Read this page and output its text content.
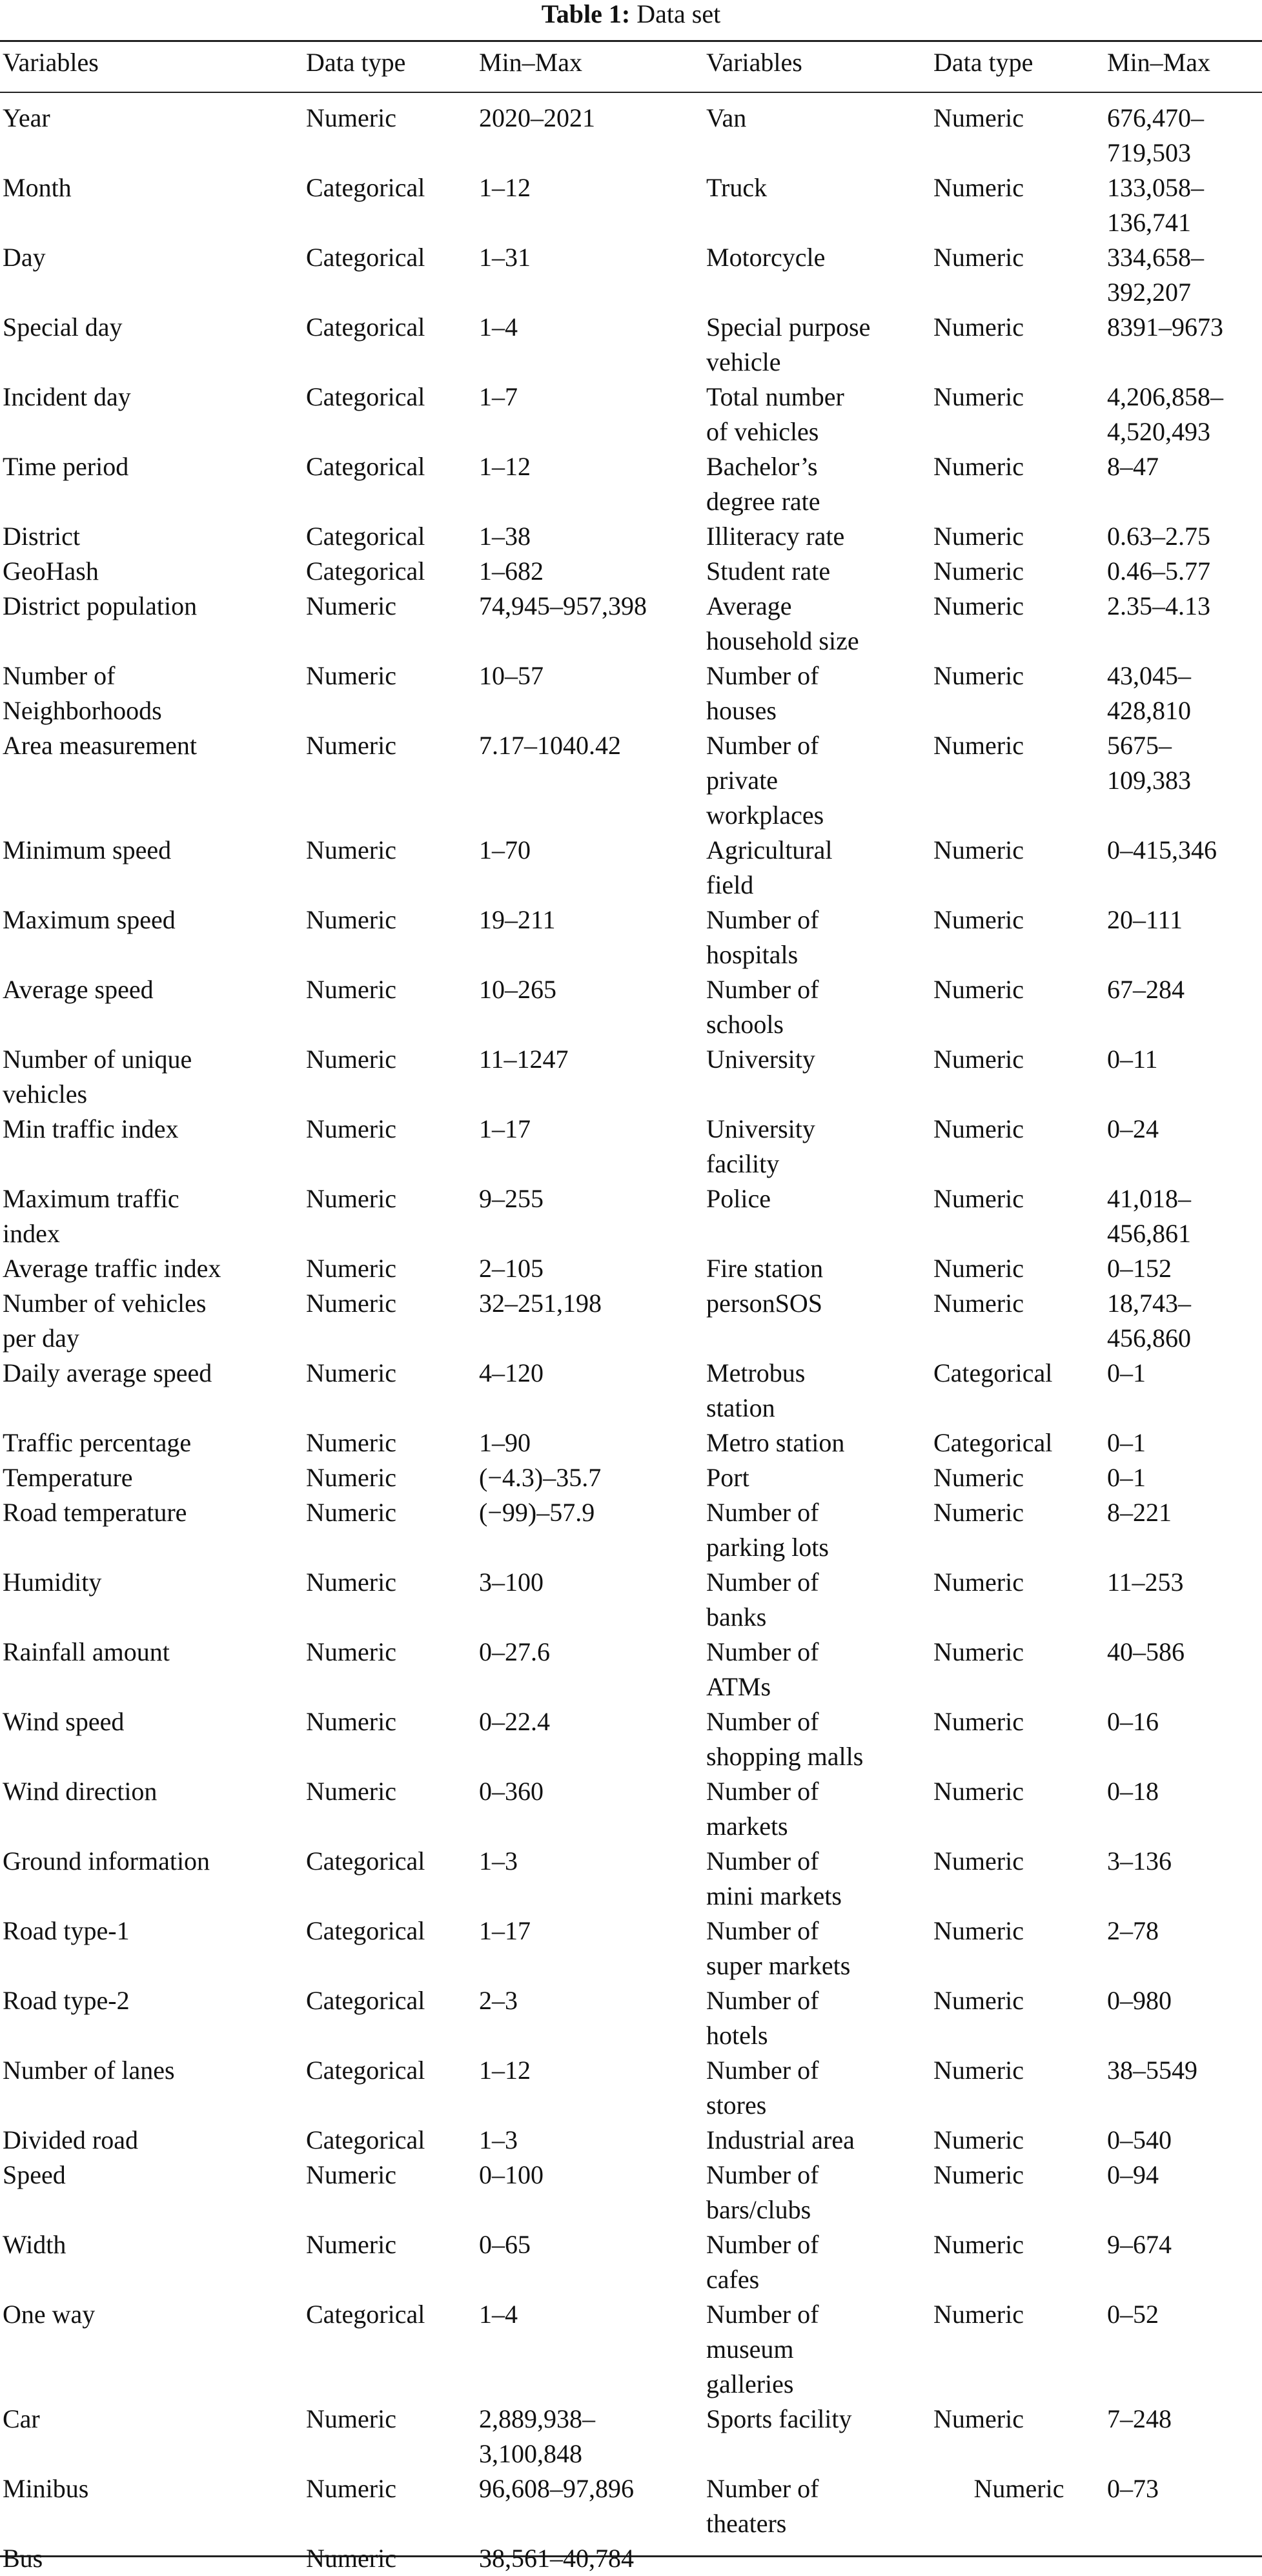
Table 1: Data set
Variables	Data type	Min–Max	Variables	Data type	Min–Max
Year	Numeric	2020–2021	Van	Numeric	676,470–
719,503
Month	Categorical	1–12	Truck	Numeric	133,058–
136,741
Day	Categorical	1–31	Motorcycle	Numeric	334,658–
392,207
Special day	Categorical	1–4	Special purpose
vehicle	Numeric	8391–9673
Incident day	Categorical	1–7	Total number
of vehicles	Numeric	4,206,858–
4,520,493
Time period	Categorical	1–12	Bachelor’s
degree rate	Numeric	8–47
District	Categorical	1–38	Illiteracy rate	Numeric	0.63–2.75
GeoHash	Categorical	1–682	Student rate	Numeric	0.46–5.77
District population	Numeric	74,945–957,398	Average
household size	Numeric	2.35–4.13
Number of
Neighborhoods	Numeric	10–57	Number of
houses	Numeric	43,045–
428,810
Area measurement	Numeric	7.17–1040.42	Number of
private
workplaces	Numeric	5675–
109,383
Minimum speed	Numeric	1–70	Agricultural
field	Numeric	0–415,346
Maximum speed	Numeric	19–211	Number of
hospitals	Numeric	20–111
Average speed	Numeric	10–265	Number of
schools	Numeric	67–284
Number of unique
vehicles	Numeric	11–1247	University	Numeric	0–11
Min traffic index	Numeric	1–17	University
facility	Numeric	0–24
Maximum traffic
index	Numeric	9–255	Police	Numeric	41,018–
456,861
Average traffic index	Numeric	2–105	Fire station	Numeric	0–152
Number of vehicles
per day	Numeric	32–251,198	personSOS	Numeric	18,743–
456,860
Daily average speed	Numeric	4–120	Metrobus
station	Categorical	0–1
Traffic percentage	Numeric	1–90	Metro station	Categorical	0–1
Temperature	Numeric	(−4.3)–35.7	Port	Numeric	0–1
Road temperature	Numeric	(−99)–57.9	Number of
parking lots	Numeric	8–221
Humidity	Numeric	3–100	Number of
banks	Numeric	11–253
Rainfall amount	Numeric	0–27.6	Number of
ATMs	Numeric	40–586
Wind speed	Numeric	0–22.4	Number of
shopping malls	Numeric	0–16
Wind direction	Numeric	0–360	Number of
markets	Numeric	0–18
Ground information	Categorical	1–3	Number of
mini markets	Numeric	3–136
Road type-1	Categorical	1–17	Number of
super markets	Numeric	2–78
Road type-2	Categorical	2–3	Number of
hotels	Numeric	0–980
Number of lanes	Categorical	1–12	Number of
stores	Numeric	38–5549
Divided road	Categorical	1–3	Industrial area	Numeric	0–540
Speed	Numeric	0–100	Number of
bars/clubs	Numeric	0–94
Width	Numeric	0–65	Number of
cafes	Numeric	9–674
One way	Categorical	1–4	Number of
museum
galleries	Numeric	0–52
Car	Numeric	2,889,938–
3,100,848	Sports facility	Numeric	7–248
Minibus	Numeric	96,608–97,896	Number of
theaters	Numeric	0–73
Bus	Numeric	38,561–40,784			
